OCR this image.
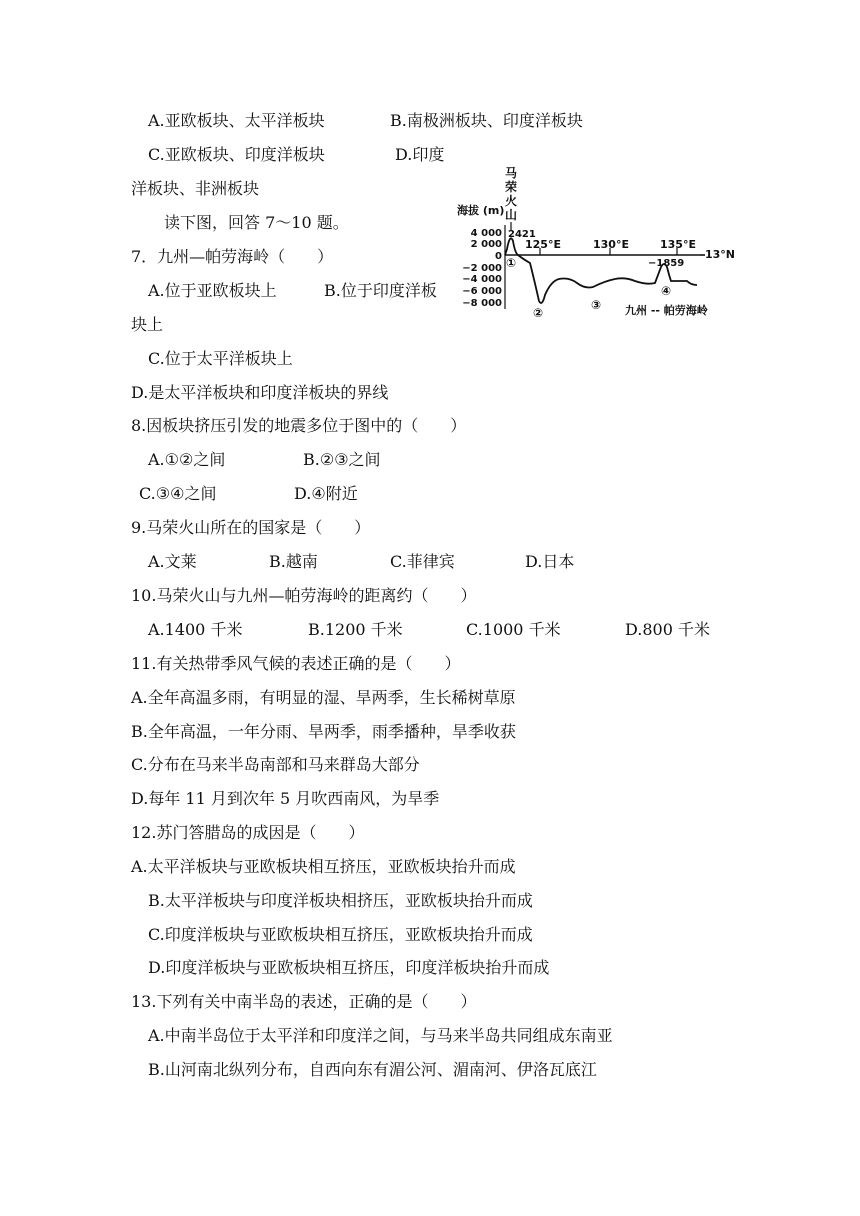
A.亚欧板块、太平洋板块	B.南极洲板块、印度洋板块
C.亚欧板块、印度洋板块	D.印度
洋板块、非洲板块
读下图，回答 7～10 题。
7．九州—帕劳海岭（　　）
A.位于亚欧板块上	B.位于印度洋板
块上
C.位于太平洋板块上
D.是太平洋板块和印度洋板块的界线
8.因板块挤压引发的地震多位于图中的（　　）
A.①②之间	B.②③之间
C.③④之间	D.④附近
9.马荣火山所在的国家是（　　）
A.文莱	B.越南	C.菲律宾	D.日本
10.马荣火山与九州—帕劳海岭的距离约（　　）
A.1400 千米	B.1200 千米	C.1000 千米	D.800 千米
11.有关热带季风气候的表述正确的是（　　）
A.全年高温多雨，有明显的湿、旱两季，生长稀树草原
B.全年高温，一年分雨、旱两季，雨季播种，旱季收获
C.分布在马来半岛南部和马来群岛大部分
D.每年 11 月到次年 5 月吹西南风，为旱季
12.苏门答腊岛的成因是（　　）
A.太平洋板块与亚欧板块相互挤压，亚欧板块抬升而成
B.太平洋板块与印度洋板块相挤压，亚欧板块抬升而成
C.印度洋板块与亚欧板块相互挤压，亚欧板块抬升而成
D.印度洋板块与亚欧板块相互挤压，印度洋板块抬升而成
13.下列有关中南半岛的表述，正确的是（　　）
A.中南半岛位于太平洋和印度洋之间，与马来半岛共同组成东南亚
B.山河南北纵列分布，自西向东有湄公河、湄南河、伊洛瓦底江
马
荣
火
山
海拔 (m)
4 000
2 000
0
−2 000
−4 000
−6 000
−8 000
125°E	130°E	135°E
13°N
2421
−1859
①
②
③
④
九州 -- 帕劳海岭
